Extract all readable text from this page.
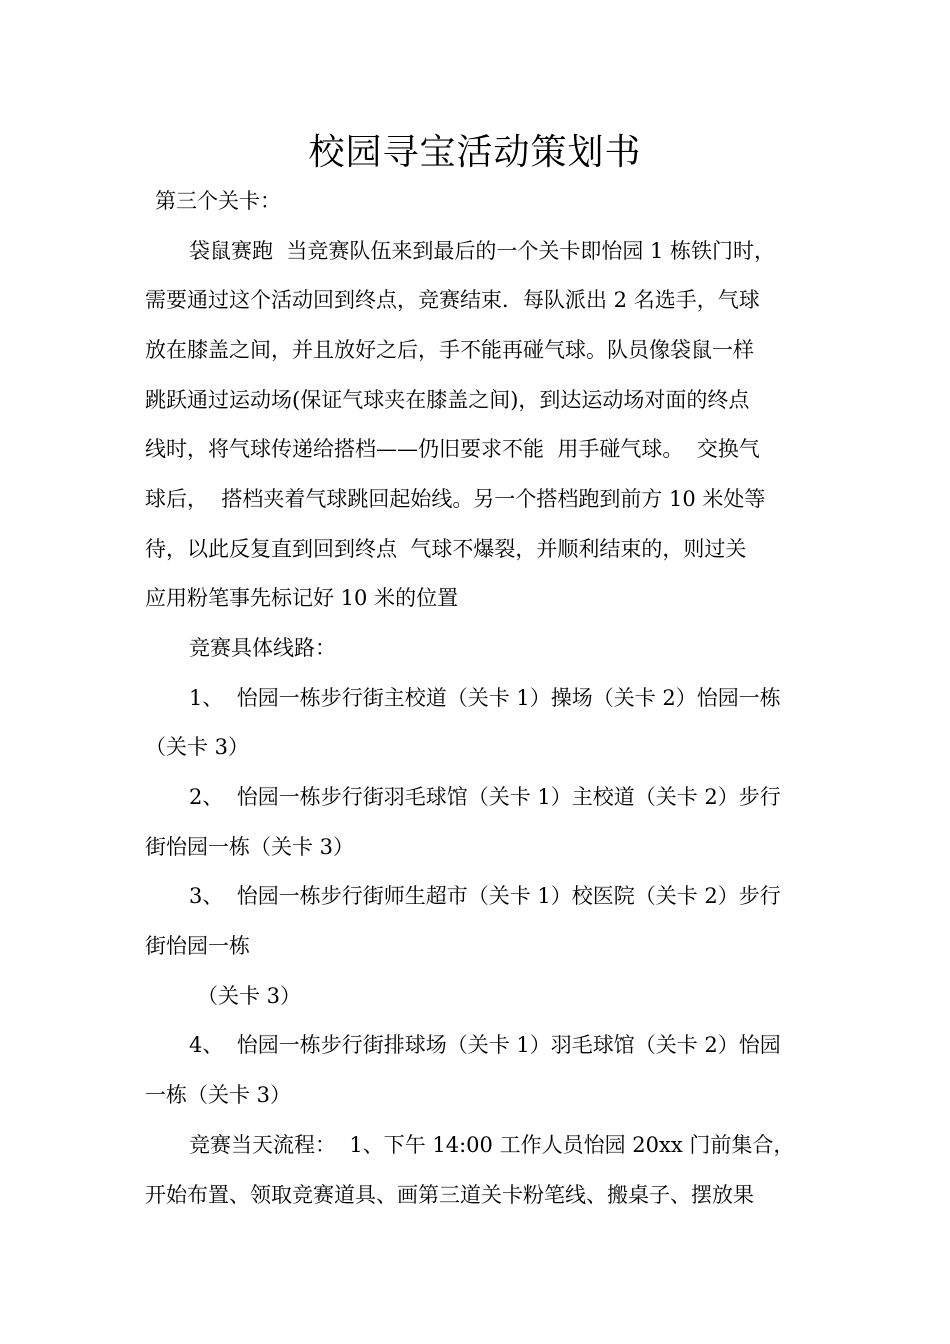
校园寻宝活动策划书
第三个关卡：
袋鼠赛跑  当竞赛队伍来到最后的一个关卡即怡园 1 栋铁门时，
需要通过这个活动回到终点，竞赛结束．每队派出 2 名选手，气球
放在膝盖之间，并且放好之后，手不能再碰气球。队员像袋鼠一样
跳跃通过运动场(保证气球夹在膝盖之间)，到达运动场对面的终点
线时，将气球传递给搭档——仍旧要求不能  用手碰气球。  交换气
球后，  搭档夹着气球跳回起始线。另一个搭档跑到前方 10 米处等
待，以此反复直到回到终点  气球不爆裂，并顺利结束的，则过关
应用粉笔事先标记好 10 米的位置
竞赛具体线路：
1、  怡园一栋步行街主校道（关卡 1）操场（关卡 2）怡园一栋
（关卡 3）
2、  怡园一栋步行街羽毛球馆（关卡 1）主校道（关卡 2）步行
街怡园一栋（关卡 3）
3、  怡园一栋步行街师生超市（关卡 1）校医院（关卡 2）步行
街怡园一栋
（关卡 3）
4、  怡园一栋步行街排球场（关卡 1）羽毛球馆（关卡 2）怡园
一栋（关卡 3）
竞赛当天流程：  1、下午 14:00 工作人员怡园 20xx 门前集合，
开始布置、领取竞赛道具、画第三道关卡粉笔线、搬桌子、摆放果
